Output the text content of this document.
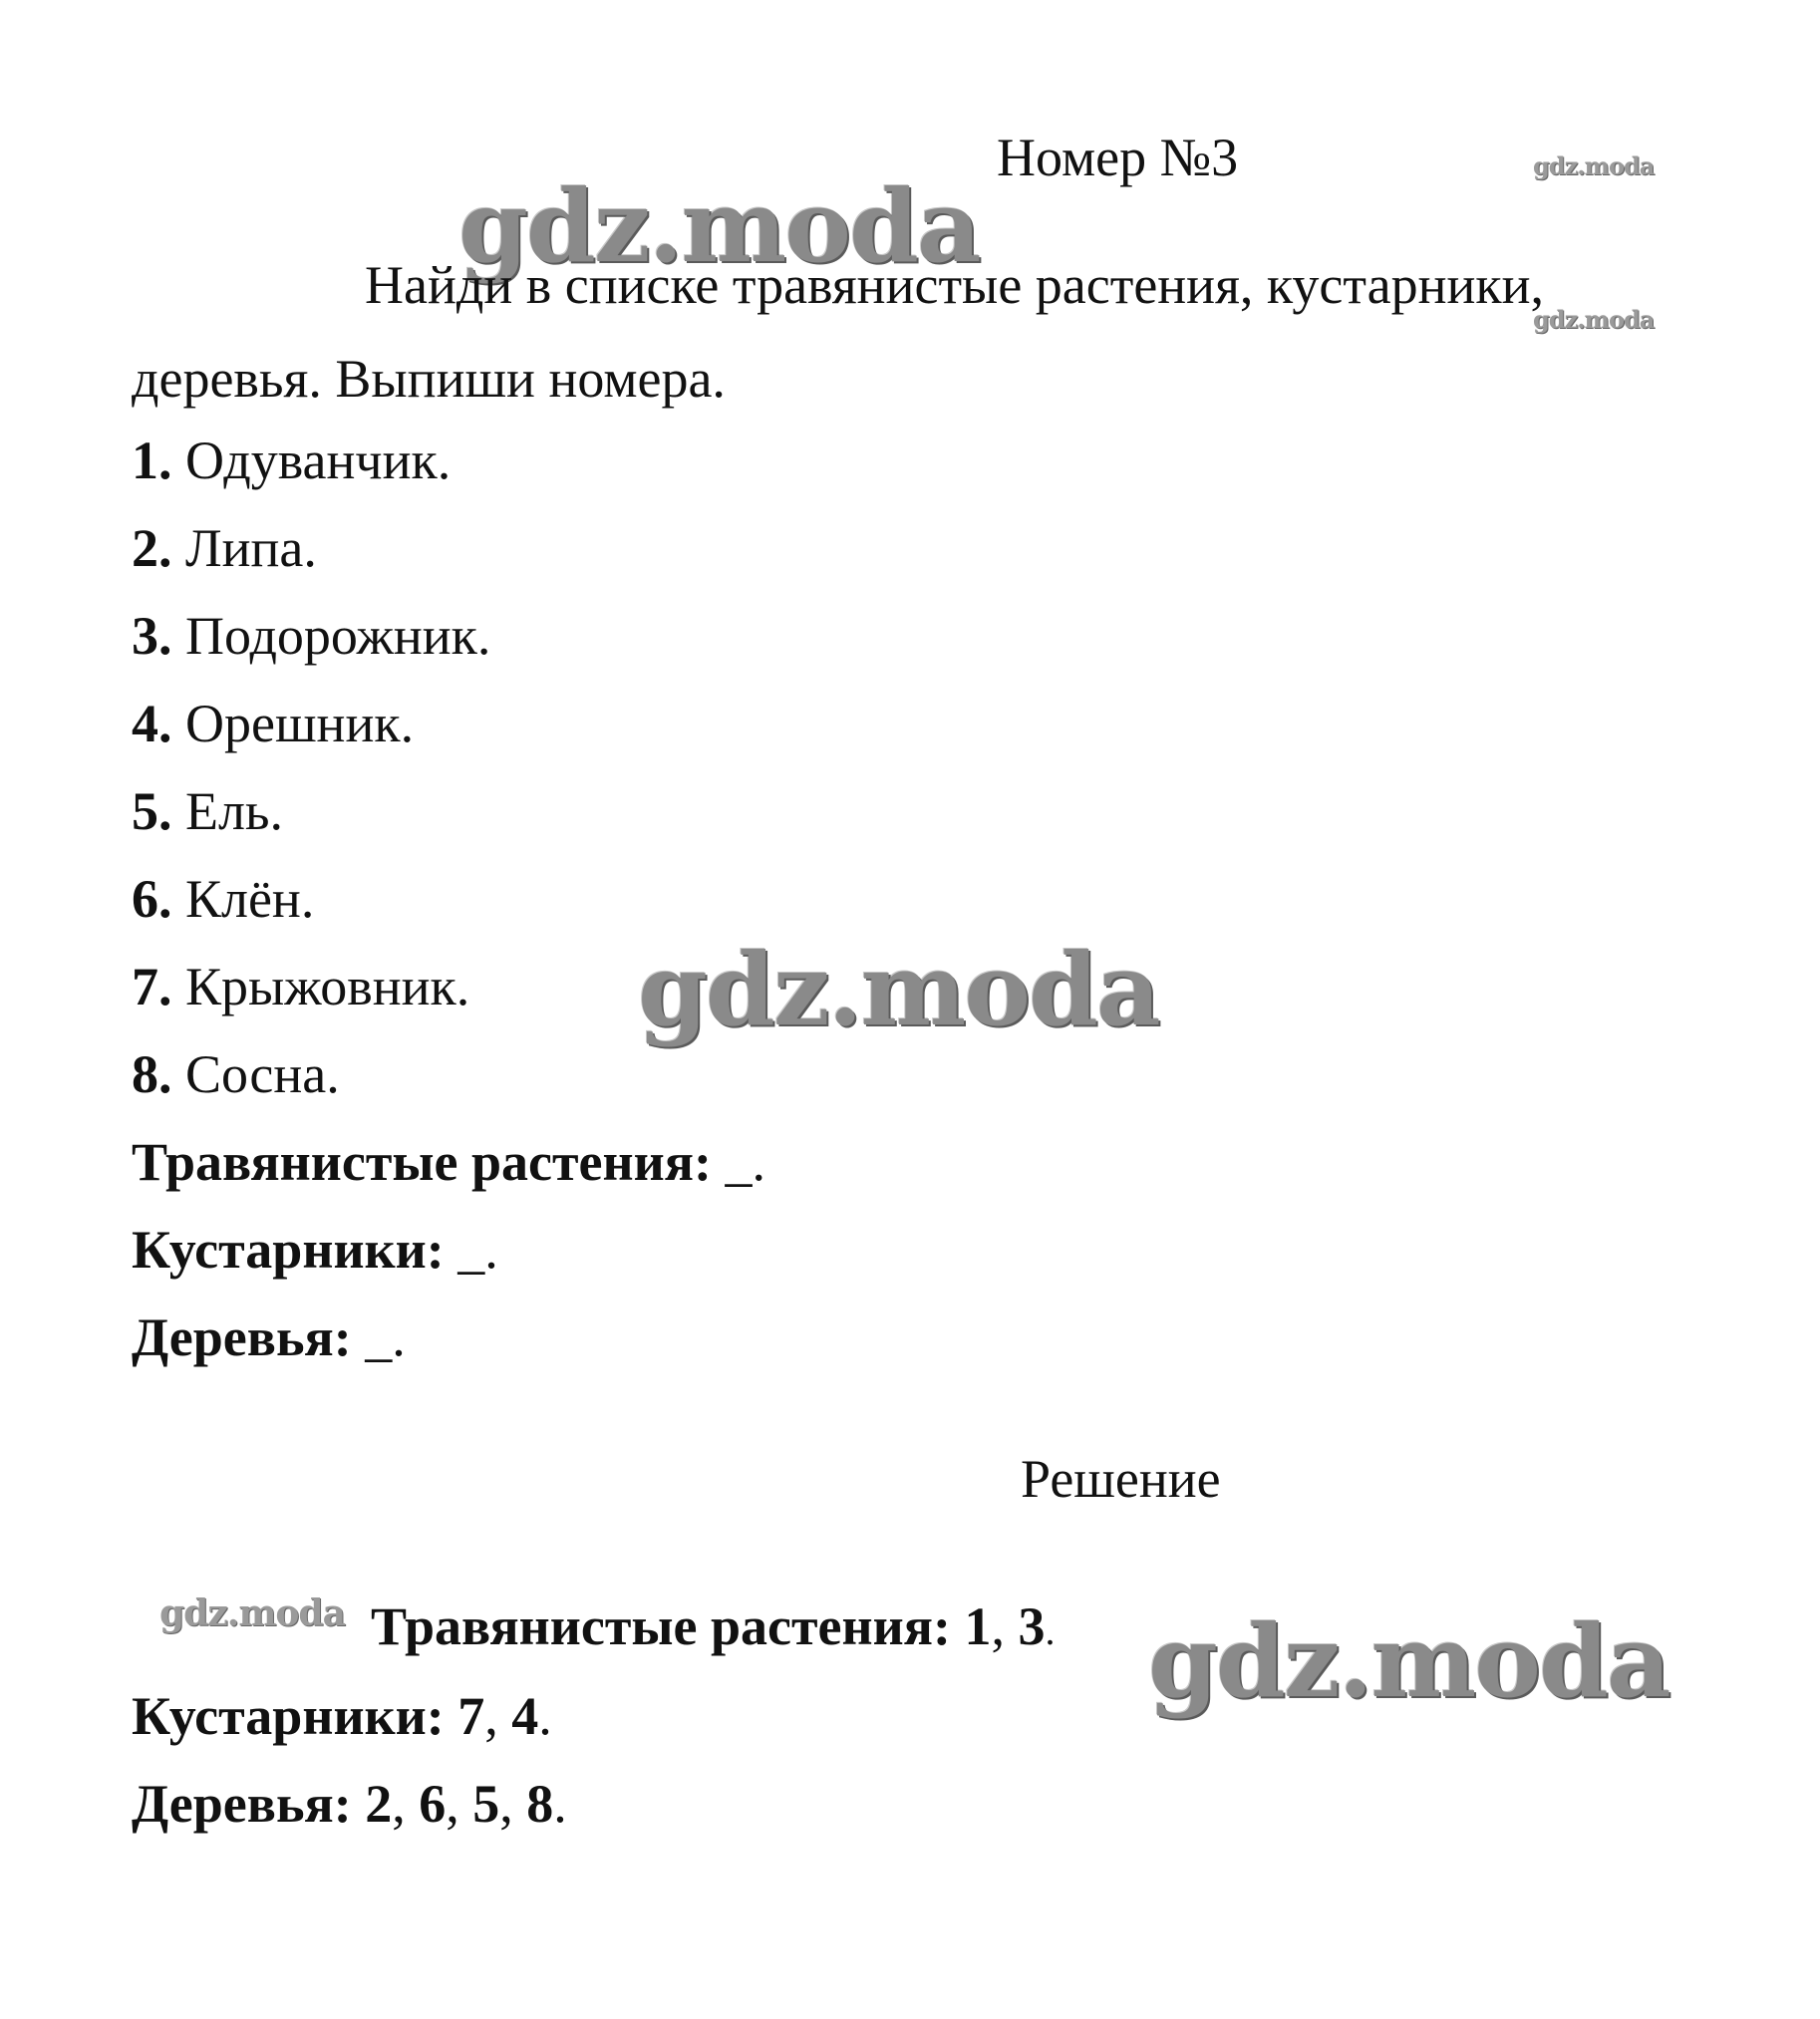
gdz.moda
gdz.moda
gdz.moda
gdz.moda
gdz.moda	gdz.moda
Номер №3
Найди в списке травянистые растения, кустарники,
деревья. Выпиши номера.
1. Одуванчик.
2. Липа.
3. Подорожник.
4. Орешник.
5. Ель.
6. Клён.
7. Крыжовник.
8. Сосна.
Травянистые растения: _.
Кустарники: _.
Деревья: _.
Решение
Травянистые растения: 1, 3.
Кустарники: 7, 4.
Деревья: 2, 6, 5, 8.
